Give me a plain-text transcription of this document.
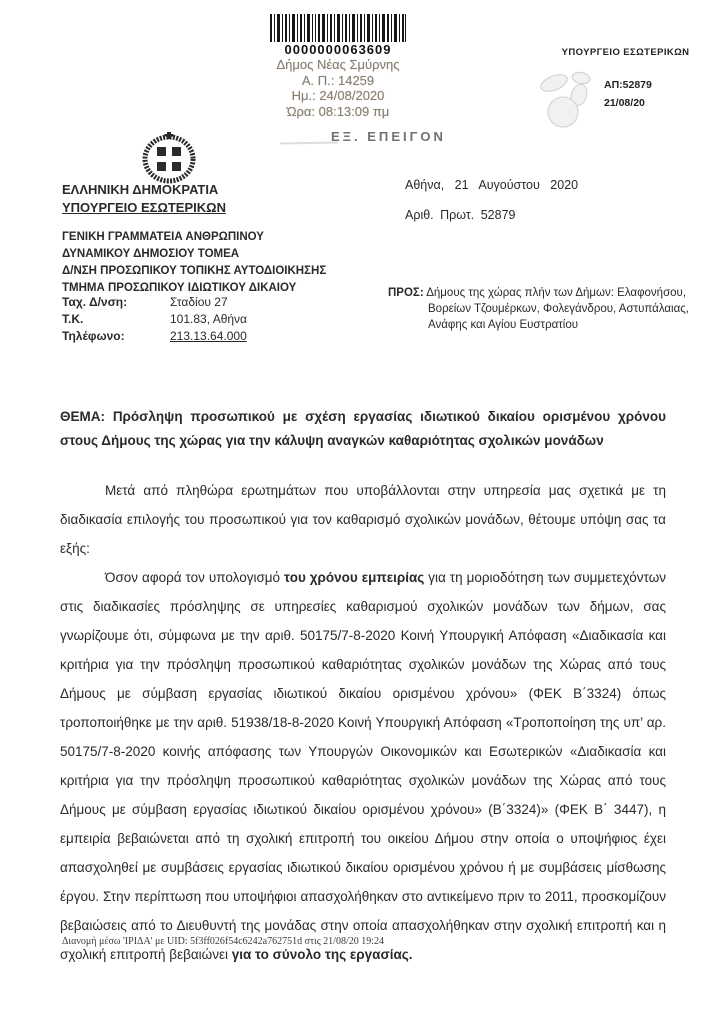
0000000063609
Δήμος Νέας Σμύρνης
Α. Π.: 14259
Ημ.: 24/08/2020
Ώρα: 08:13:09 πμ
ΥΠΟΥΡΓΕΙΟ ΕΣΩΤΕΡΙΚΩΝ
ΑΠ:52879
21/08/20
ΕΞ. ΕΠΕΙΓΟΝ
ΕΛΛΗΝΙΚΗ ΔΗΜΟΚΡΑΤΙΑ
ΥΠΟΥΡΓΕΙΟ ΕΣΩΤΕΡΙΚΩΝ
ΓΕΝΙΚΗ ΓΡΑΜΜΑΤΕΙΑ ΑΝΘΡΩΠΙΝΟΥ
ΔΥΝΑΜΙΚΟΥ ΔΗΜΟΣΙΟΥ ΤΟΜΕΑ
Δ/ΝΣΗ ΠΡΟΣΩΠΙΚΟΥ ΤΟΠΙΚΗΣ ΑΥΤΟΔΙΟΙΚΗΣΗΣ
ΤΜΗΜΑ ΠΡΟΣΩΠΙΚΟΥ ΙΔΙΩΤΙΚΟΥ ΔΙΚΑΙΟΥ
Ταχ. Δ/νση:	Σταδίου 27
Τ.Κ.	101.83, Αθήνα
Τηλέφωνο:	213.13.64.000
Αθήνα, 21 Αυγούστου 2020
Αριθ. Πρωτ. 52879
ΠΡΟΣ: Δήμους της χώρας πλήν των Δήμων: Ελαφονήσου, Βορείων Τζουμέρκων, Φολεγάνδρου, Αστυπάλαιας, Ανάφης και Αγίου Ευστρατίου
ΘΕΜΑ: Πρόσληψη προσωπικού με σχέση εργασίας ιδιωτικού δικαίου ορισμένου χρόνου στους Δήμους της χώρας για την κάλυψη αναγκών καθαριότητας σχολικών μονάδων
Μετά από πληθώρα ερωτημάτων που υποβάλλονται στην υπηρεσία μας σχετικά με τη διαδικασία επιλογής του προσωπικού για τον καθαρισμό σχολικών μονάδων, θέτουμε υπόψη σας τα εξής:
Όσον αφορά τον υπολογισμό του χρόνου εμπειρίας για τη μοριοδότηση των συμμετεχόντων στις διαδικασίες πρόσληψης σε υπηρεσίες καθαρισμού σχολικών μονάδων των δήμων, σας γνωρίζουμε ότι, σύμφωνα με την αριθ. 50175/7-8-2020 Κοινή Υπουργική Απόφαση «Διαδικασία και κριτήρια για την πρόσληψη προσωπικού καθαριότητας σχολικών μονάδων της Χώρας από τους Δήμους με σύμβαση εργασίας ιδιωτικού δικαίου ορισμένου χρόνου» (ΦΕΚ Β΄3324) όπως τροποποιήθηκε με την αριθ. 51938/18-8-2020 Κοινή Υπουργική Απόφαση «Τροποποίηση της υπ’ αρ. 50175/7-8-2020 κοινής απόφασης των Υπουργών Οικονομικών και Εσωτερικών «Διαδικασία και κριτήρια για την πρόσληψη προσωπικού καθαριότητας σχολικών μονάδων της Χώρας από τους Δήμους με σύμβαση εργασίας ιδιωτικού δικαίου ορισμένου χρόνου» (Β΄3324)» (ΦΕΚ Β΄ 3447), η εμπειρία βεβαιώνεται από τη σχολική επιτροπή του οικείου Δήμου στην οποία ο υποψήφιος έχει απασχοληθεί με συμβάσεις εργασίας ιδιωτικού δικαίου ορισμένου χρόνου ή με συμβάσεις μίσθωσης έργου. Στην περίπτωση που υποψήφιοι απασχολήθηκαν στο αντικείμενο πριν το 2011, προσκομίζουν βεβαιώσεις από το Διευθυντή της μονάδας στην οποία απασχολήθηκαν στην σχολική επιτροπή και η σχολική επιτροπή βεβαιώνει για το σύνολο της εργασίας.
Διανομή μέσω 'ΙΡΙΔΑ' με UID: 5f3ff026f54c6242a762751d στις 21/08/20 19:24
